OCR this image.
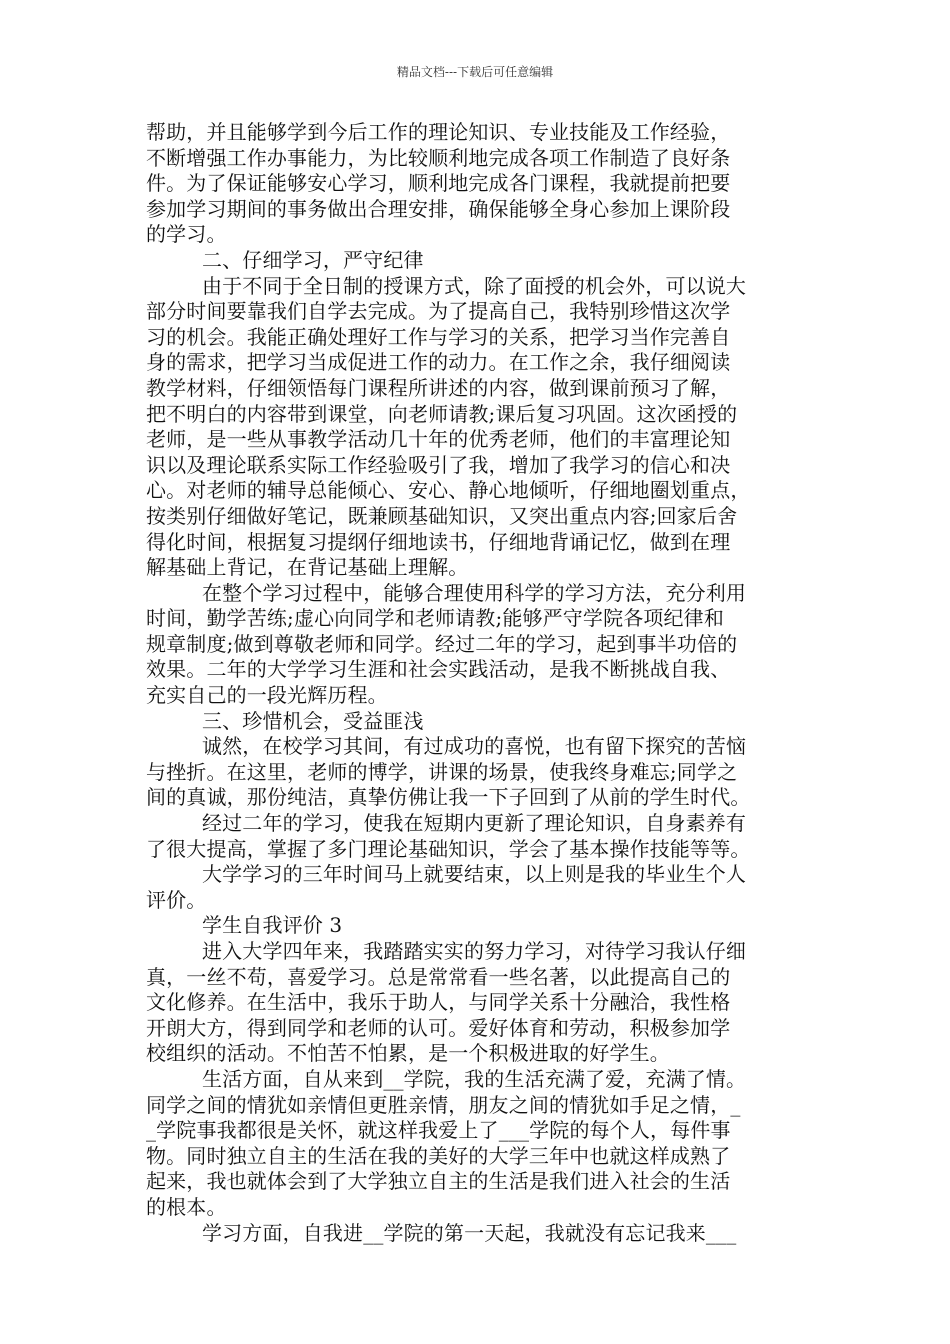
精品文档---下载后可任意编辑
帮助，并且能够学到今后工作的理论知识、专业技能及工作经验，
不断增强工作办事能力，为比较顺利地完成各项工作制造了良好条
件。为了保证能够安心学习，顺利地完成各门课程，我就提前把要
参加学习期间的事务做出合理安排，确保能够全身心参加上课阶段
的学习。
二、仔细学习，严守纪律
由于不同于全日制的授课方式，除了面授的机会外，可以说大
部分时间要靠我们自学去完成。为了提高自己，我特别珍惜这次学
习的机会。我能正确处理好工作与学习的关系，把学习当作完善自
身的需求，把学习当成促进工作的动力。在工作之余，我仔细阅读
教学材料，仔细领悟每门课程所讲述的内容，做到课前预习了解，
把不明白的内容带到课堂，向老师请教;课后复习巩固。这次函授的
老师，是一些从事教学活动几十年的优秀老师，他们的丰富理论知
识以及理论联系实际工作经验吸引了我，增加了我学习的信心和决
心。对老师的辅导总能倾心、安心、静心地倾听，仔细地圈划重点，
按类别仔细做好笔记，既兼顾基础知识，又突出重点内容;回家后舍
得化时间，根据复习提纲仔细地读书，仔细地背诵记忆，做到在理
解基础上背记，在背记基础上理解。
在整个学习过程中，能够合理使用科学的学习方法，充分利用
时间，勤学苦练;虚心向同学和老师请教;能够严守学院各项纪律和
规章制度;做到尊敬老师和同学。经过二年的学习，起到事半功倍的
效果。二年的大学学习生涯和社会实践活动，是我不断挑战自我、
充实自己的一段光辉历程。
三、珍惜机会，受益匪浅
诚然，在校学习其间，有过成功的喜悦，也有留下探究的苦恼
与挫折。在这里，老师的博学，讲课的场景，使我终身难忘;同学之
间的真诚，那份纯洁，真挚仿佛让我一下子回到了从前的学生时代。
经过二年的学习，使我在短期内更新了理论知识，自身素养有
了很大提高，掌握了多门理论基础知识，学会了基本操作技能等等。
大学学习的三年时间马上就要结束，以上则是我的毕业生个人
评价。
学生自我评价 3
进入大学四年来，我踏踏实实的努力学习，对待学习我认仔细
真，一丝不苟，喜爱学习。总是常常看一些名著，以此提高自己的
文化修养。在生活中，我乐于助人，与同学关系十分融洽，我性格
开朗大方，得到同学和老师的认可。爱好体育和劳动，积极参加学
校组织的活动。不怕苦不怕累，是一个积极进取的好学生。
生活方面，自从来到__学院，我的生活充满了爱，充满了情。
同学之间的情犹如亲情但更胜亲情，朋友之间的情犹如手足之情，_
_学院事我都很是关怀，就这样我爱上了___学院的每个人，每件事
物。同时独立自主的生活在我的美好的大学三年中也就这样成熟了
起来，我也就体会到了大学独立自主的生活是我们进入社会的生活
的根本。
学习方面，自我进__学院的第一天起，我就没有忘记我来___
